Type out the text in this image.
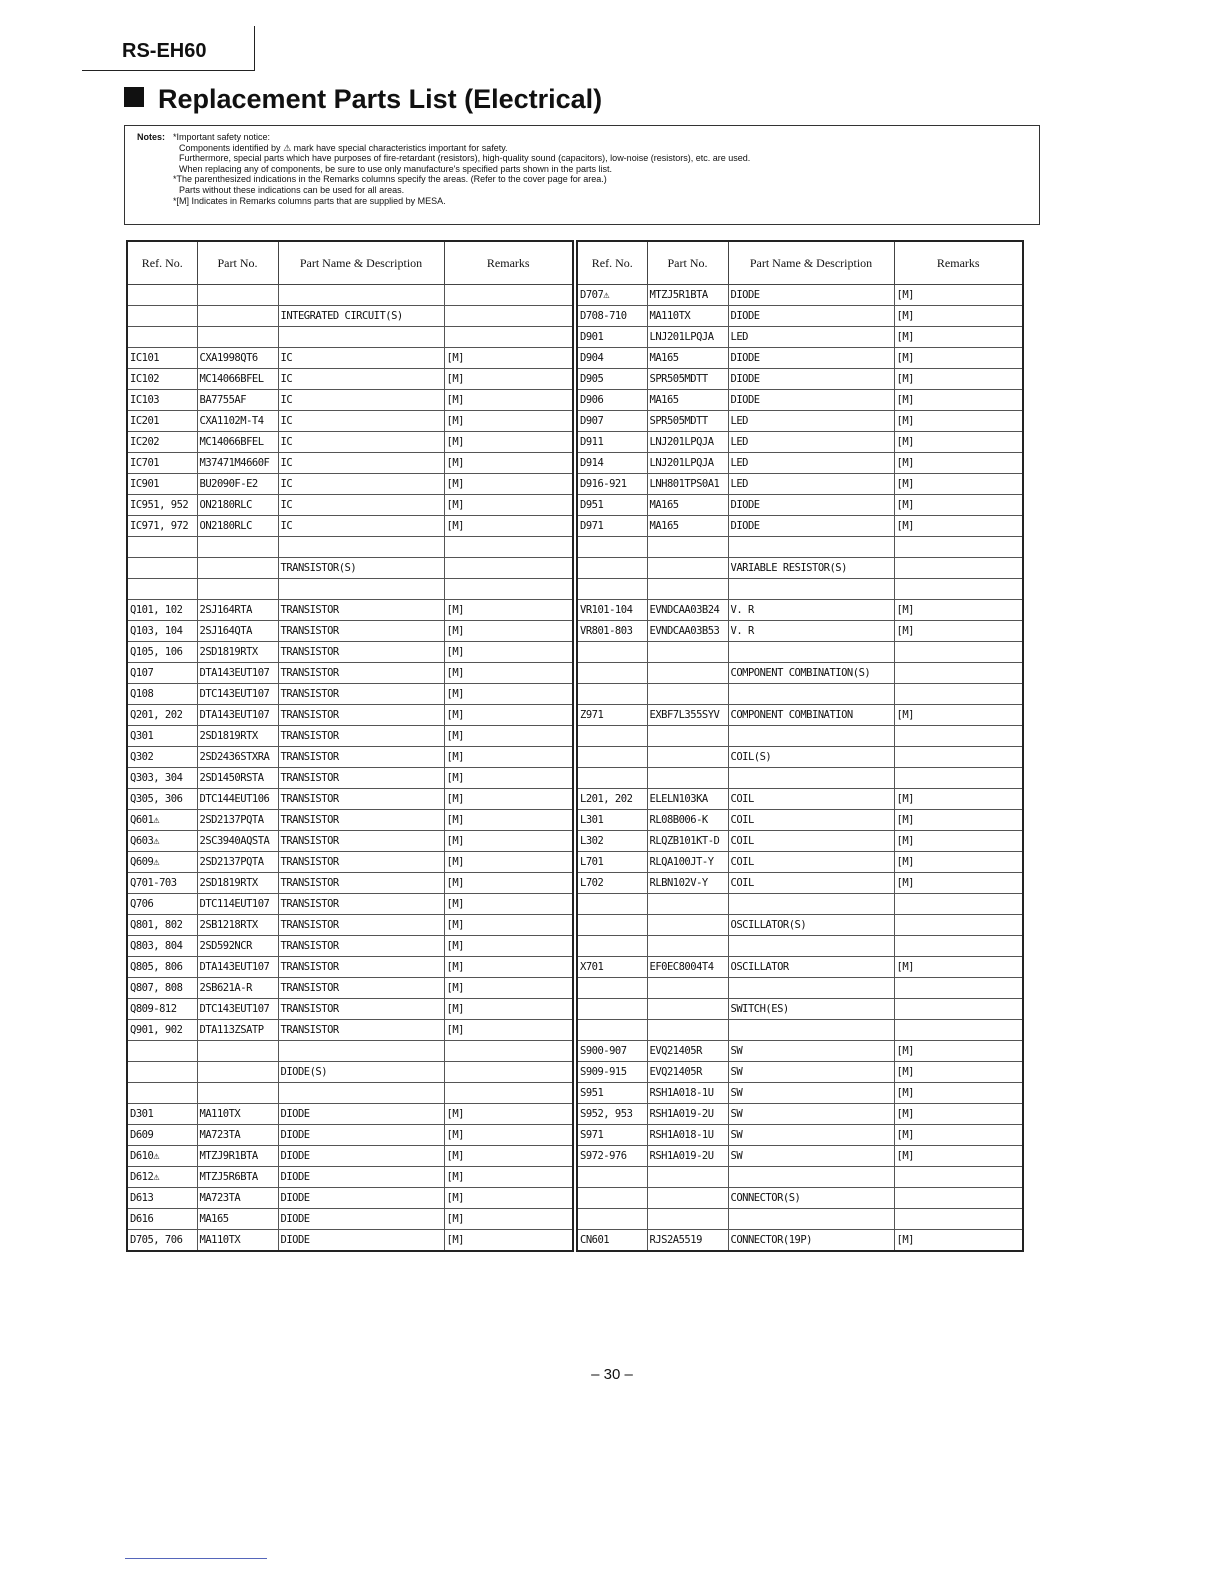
RS-EH60
Replacement Parts List (Electrical)
Notes: *Important safety notice:
Components identified by ⚠ mark have special characteristics important for safety.
Furthermore, special parts which have purposes of fire-retardant (resistors), high-quality sound (capacitors), low-noise (resistors), etc. are used.
When replacing any of components, be sure to use only manufacture's specified parts shown in the parts list.
*The parenthesized indications in the Remarks columns specify the areas. (Refer to the cover page for area.)
Parts without these indications can be used for all areas.
*[M] Indicates in Remarks columns parts that are supplied by MESA.
Ref. No.	Part No.	Part Name & Description	Remarks

		INTEGRATED CIRCUIT(S)	

IC101	CXA1998QT6	IC	[M]
IC102	MC14066BFEL	IC	[M]
IC103	BA7755AF	IC	[M]
IC201	CXA1102M-T4	IC	[M]
IC202	MC14066BFEL	IC	[M]
IC701	M37471M4660F	IC	[M]
IC901	BU2090F-E2	IC	[M]
IC951, 952	ON2180RLC	IC	[M]
IC971, 972	ON2180RLC	IC	[M]

		TRANSISTOR(S)	

Q101, 102	2SJ164RTA	TRANSISTOR	[M]
Q103, 104	2SJ164QTA	TRANSISTOR	[M]
Q105, 106	2SD1819RTX	TRANSISTOR	[M]
Q107	DTA143EUT107	TRANSISTOR	[M]
Q108	DTC143EUT107	TRANSISTOR	[M]
Q201, 202	DTA143EUT107	TRANSISTOR	[M]
Q301	2SD1819RTX	TRANSISTOR	[M]
Q302	2SD2436STXRA	TRANSISTOR	[M]
Q303, 304	2SD1450RSTA	TRANSISTOR	[M]
Q305, 306	DTC144EUT106	TRANSISTOR	[M]
Q601⚠	2SD2137PQTA	TRANSISTOR	[M]
Q603⚠	2SC3940AQSTA	TRANSISTOR	[M]
Q609⚠	2SD2137PQTA	TRANSISTOR	[M]
Q701-703	2SD1819RTX	TRANSISTOR	[M]
Q706	DTC114EUT107	TRANSISTOR	[M]
Q801, 802	2SB1218RTX	TRANSISTOR	[M]
Q803, 804	2SD592NCR	TRANSISTOR	[M]
Q805, 806	DTA143EUT107	TRANSISTOR	[M]
Q807, 808	2SB621A-R	TRANSISTOR	[M]
Q809-812	DTC143EUT107	TRANSISTOR	[M]
Q901, 902	DTA113ZSATP	TRANSISTOR	[M]

		DIODE(S)	

D301	MA110TX	DIODE	[M]
D609	MA723TA	DIODE	[M]
D610⚠	MTZJ9R1BTA	DIODE	[M]
D612⚠	MTZJ5R6BTA	DIODE	[M]
D613	MA723TA	DIODE	[M]
D616	MA165	DIODE	[M]
D705, 706	MA110TX	DIODE	[M]
Ref. No.	Part No.	Part Name & Description	Remarks
D707⚠	MTZJ5R1BTA	DIODE	[M]
D708-710	MA110TX	DIODE	[M]
D901	LNJ201LPQJA	LED	[M]
D904	MA165	DIODE	[M]
D905	SPR505MDTT	DIODE	[M]
D906	MA165	DIODE	[M]
D907	SPR505MDTT	LED	[M]
D911	LNJ201LPQJA	LED	[M]
D914	LNJ201LPQJA	LED	[M]
D916-921	LNH801TPS0A1	LED	[M]
D951	MA165	DIODE	[M]
D971	MA165	DIODE	[M]

		VARIABLE RESISTOR(S)	

VR101-104	EVNDCAA03B24	V. R	[M]
VR801-803	EVNDCAA03B53	V. R	[M]

		COMPONENT COMBINATION(S)	

Z971	EXBF7L355SYV	COMPONENT COMBINATION	[M]

		COIL(S)	

L201, 202	ELELN103KA	COIL	[M]
L301	RL08B006-K	COIL	[M]
L302	RLQZB101KT-D	COIL	[M]
L701	RLQA100JT-Y	COIL	[M]
L702	RLBN102V-Y	COIL	[M]

		OSCILLATOR(S)	

X701	EF0EC8004T4	OSCILLATOR	[M]

		SWITCH(ES)	

S900-907	EVQ21405R	SW	[M]
S909-915	EVQ21405R	SW	[M]
S951	RSH1A018-1U	SW	[M]
S952, 953	RSH1A019-2U	SW	[M]
S971	RSH1A018-1U	SW	[M]
S972-976	RSH1A019-2U	SW	[M]

		CONNECTOR(S)	

CN601	RJS2A5519	CONNECTOR(19P)	[M]
– 30 –
